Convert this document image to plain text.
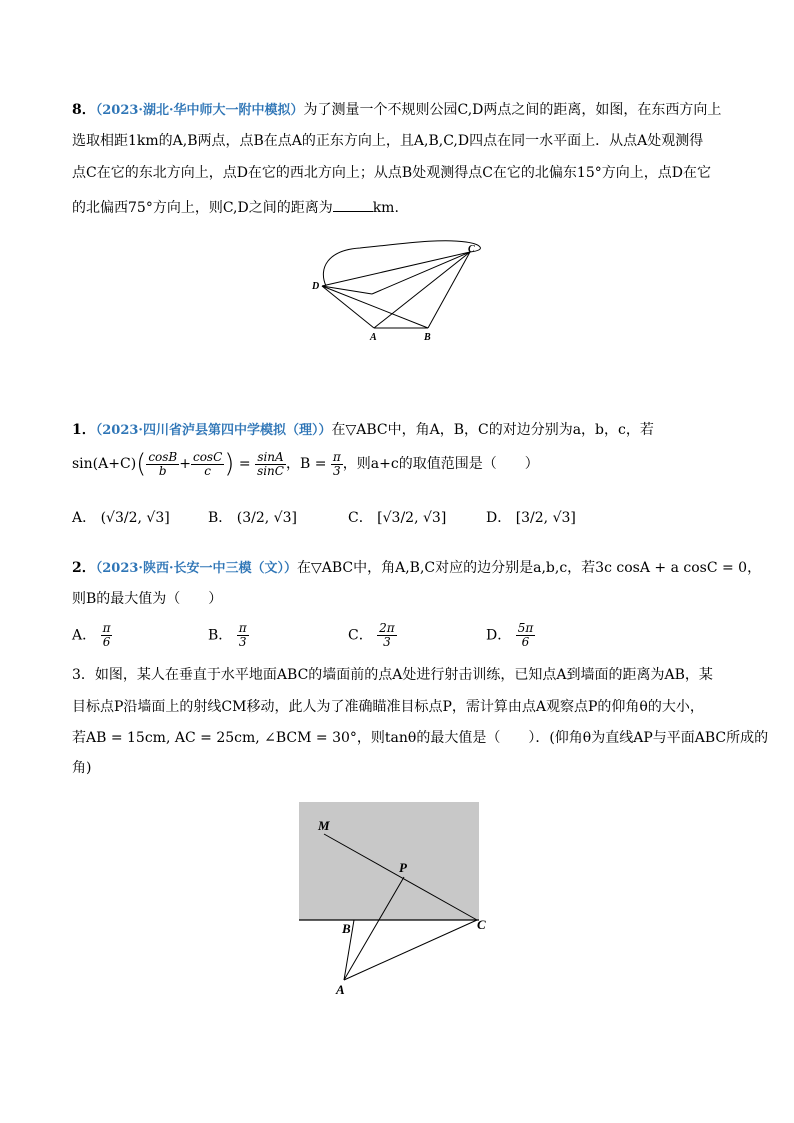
8．（2023·湖北·华中师大一附中模拟）为了测量一个不规则公园C,D两点之间的距离，如图，在东西方向上
选取相距1km的A,B两点，点B在点A的正东方向上，且A,B,C,D四点在同一水平面上．从点A处观测得
点C在它的东北方向上，点D在它的西北方向上；从点B处观测得点C在它的北偏东15°方向上，点D在它
的北偏西75°方向上，则C,D之间的距离为	km.
C
D
A	B
1．（2023·四川省泸县第四中学模拟（理））在▽ABC中，角A，B，C的对边分别为a，b，c，若
$\sin(A+C)( \frac{\cos B}{b} + \frac{\cos C}{c}$ ) = $\frac{\sin A}{\sin C}$ ，$B = \frac{\pi}{3}$ ，则a+c的取值范围是（　　）
A． (√3/2, √3]	B． (3/2, √3]	C． [√3/2, √3]	D． [3/2, √3]
2．（2023·陕西·长安一中三模（文））在▽ABC中，角A,B,C对应的边分别是a,b,c，若3c cosA + a cosC = 0，
则B的最大值为（　　）
A． $\frac{\pi}{6}$	B． $\frac{\pi}{3}$	C． $\frac{2\pi}{3}$	D． $\frac{5\pi}{6}$
3．如图，某人在垂直于水平地面ABC的墙面前的点A处进行射击训练，已知点A到墙面的距离为AB，某
目标点P沿墙面上的射线CM移动，此人为了准确瞄准目标点P，需计算由点A观察点P的仰角θ的大小，
若AB = 15cm, AC = 25cm, ∠BCM = 30°，则tanθ的最大值是（　　）．(仰角θ为直线AP与平面ABC所成的
角)
M
P
B	C
A
